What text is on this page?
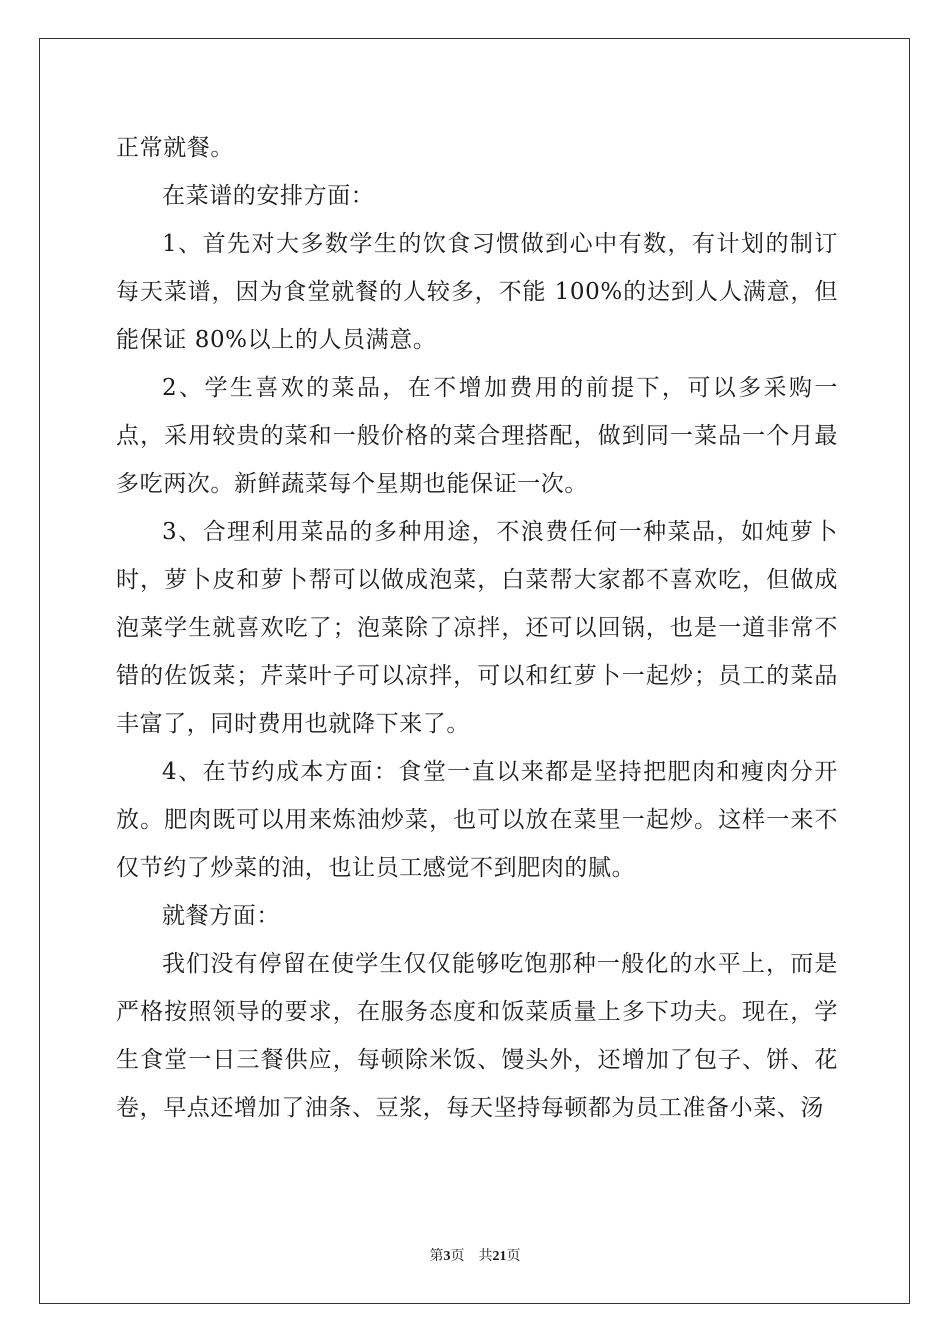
正常就餐。

在菜谱的安排方面：

1、首先对大多数学生的饮食习惯做到心中有数，有计划的制订每天菜谱，因为食堂就餐的人较多，不能 100%的达到人人满意，但能保证 80%以上的人员满意。

2、学生喜欢的菜品，在不增加费用的前提下，可以多采购一点，采用较贵的菜和一般价格的菜合理搭配，做到同一菜品一个月最多吃两次。新鲜蔬菜每个星期也能保证一次。

3、合理利用菜品的多种用途，不浪费任何一种菜品，如炖萝卜时，萝卜皮和萝卜帮可以做成泡菜，白菜帮大家都不喜欢吃，但做成泡菜学生就喜欢吃了；泡菜除了凉拌，还可以回锅，也是一道非常不错的佐饭菜；芹菜叶子可以凉拌，可以和红萝卜一起炒；员工的菜品丰富了，同时费用也就降下来了。

4、在节约成本方面：食堂一直以来都是坚持把肥肉和瘦肉分开放。肥肉既可以用来炼油炒菜，也可以放在菜里一起炒。这样一来不仅节约了炒菜的油，也让员工感觉不到肥肉的腻。

就餐方面：

我们没有停留在使学生仅仅能够吃饱那种一般化的水平上，而是严格按照领导的要求，在服务态度和饭菜质量上多下功夫。现在，学生食堂一日三餐供应，每顿除米饭、馒头外，还增加了包子、饼、花卷，早点还增加了油条、豆浆，每天坚持每顿都为员工准备小菜、汤

第3页 共21页
